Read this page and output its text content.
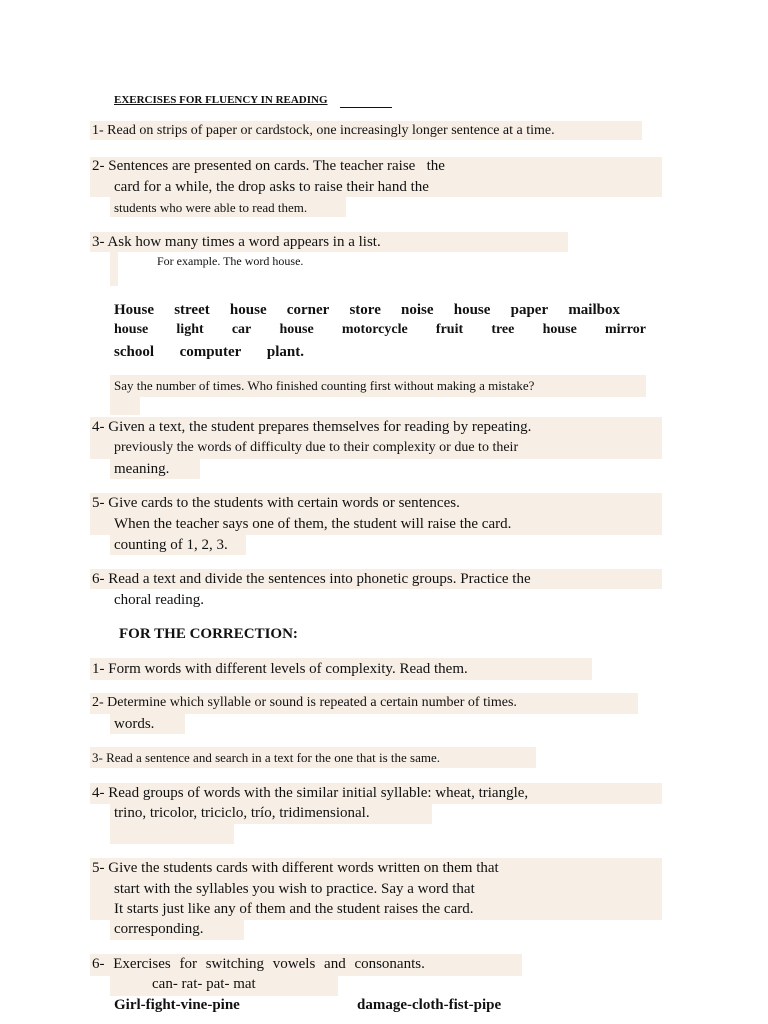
EXERCISES FOR FLUENCY IN READING
1- Read on strips of paper or cardstock, one increasingly longer sentence at a time.
2- Sentences are presented on cards. The teacher raise   the
card for a while, the drop asks to raise their hand the
students who were able to read them.
3- Ask how many times a word appears in a list.
For example. The word house.
House street house corner store noise house paper mailbox
house light car house motorcycle fruit tree house mirror
school computer plant.
Say the number of times. Who finished counting first without making a mistake?
4- Given a text, the student prepares themselves for reading by repeating.
previously the words of difficulty due to their complexity or due to their
meaning.
5- Give cards to the students with certain words or sentences.
When the teacher says one of them, the student will raise the card.
counting of 1, 2, 3.
6- Read a text and divide the sentences into phonetic groups. Practice the
choral reading.
FOR THE CORRECTION:
1- Form words with different levels of complexity. Read them.
2- Determine which syllable or sound is repeated a certain number of times.
words.
3- Read a sentence and search in a text for the one that is the same.
4- Read groups of words with the similar initial syllable: wheat, triangle,
trino, tricolor, triciclo, trío, tridimensional.
5- Give the students cards with different words written on them that
start with the syllables you wish to practice. Say a word that
It starts just like any of them and the student raises the card.
corresponding.
6- Exercises for switching vowels and consonants.
can- rat- pat- mat
Girl-fight-vine-pine	damage-cloth-fist-pipe
